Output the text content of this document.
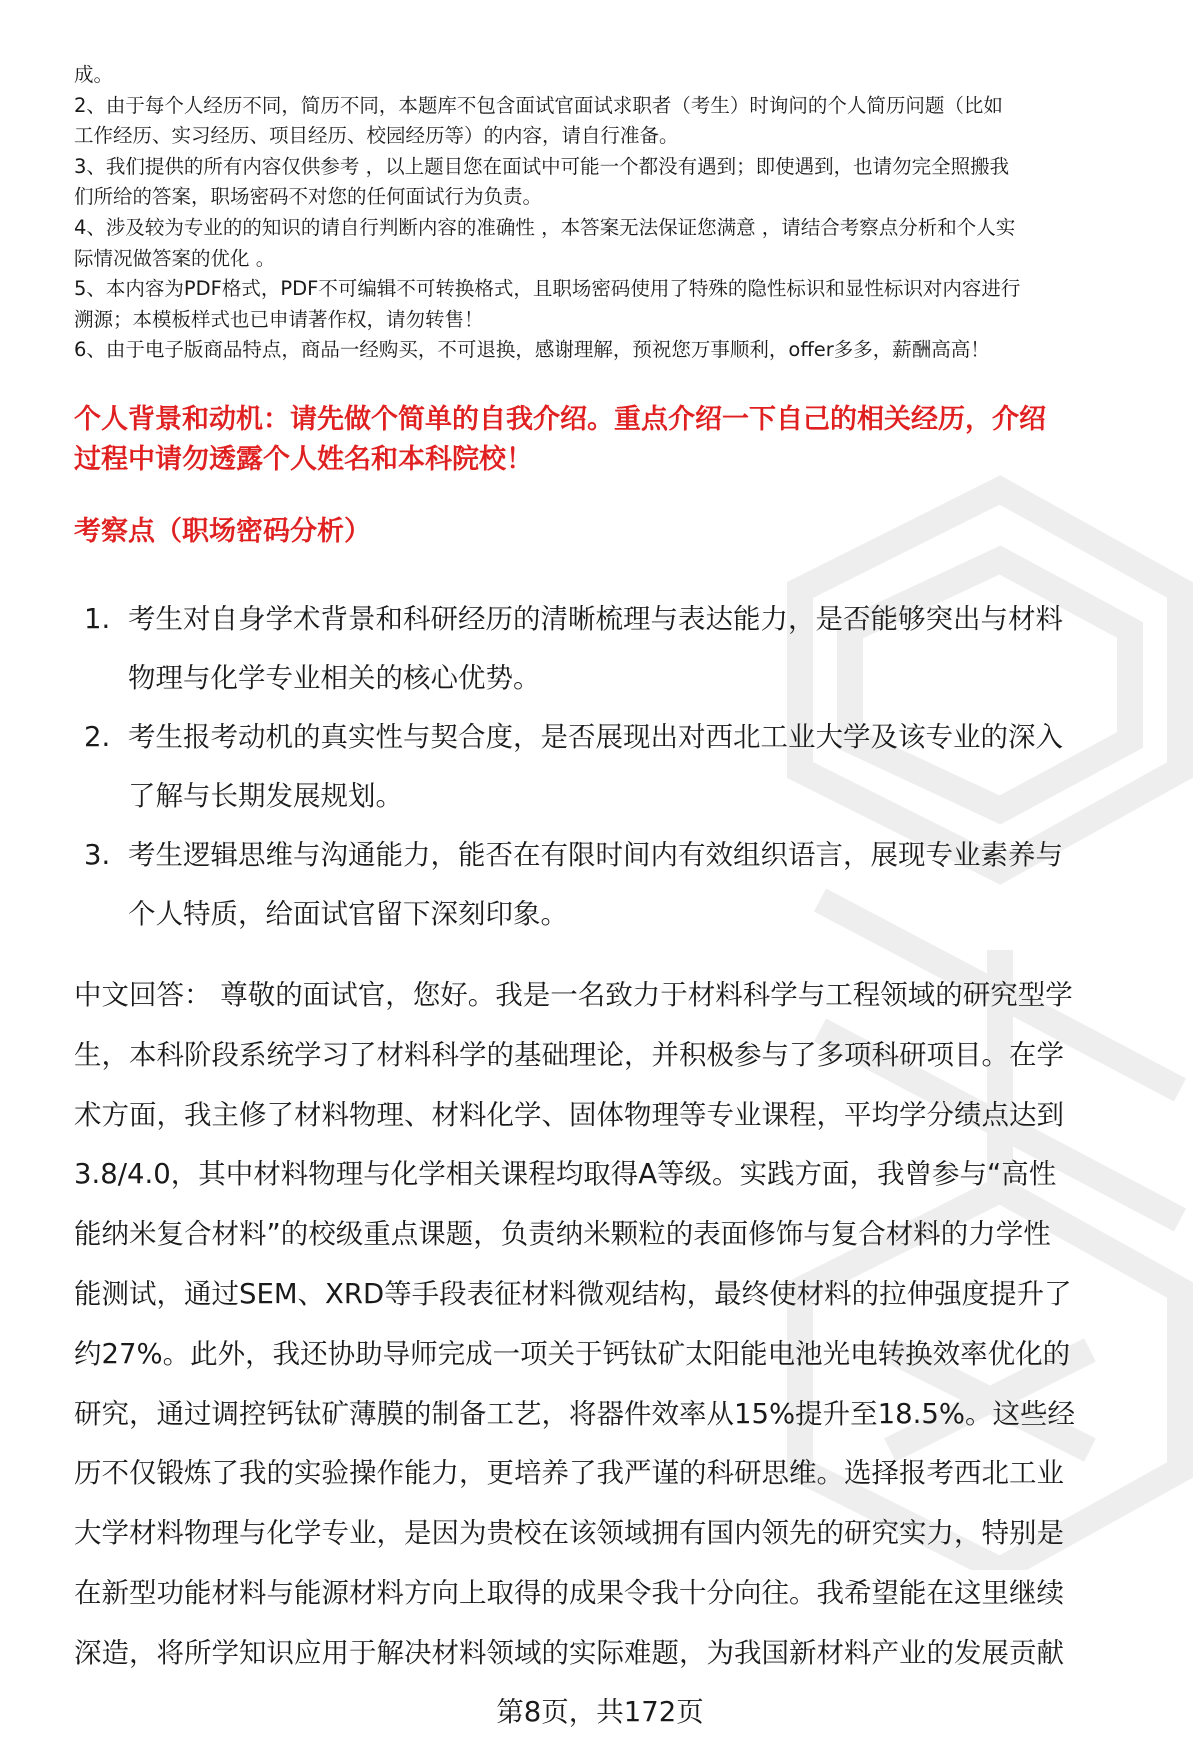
成。

2、由于每个人经历不同，简历不同，本题库不包含面试官面试求职者（考生）时询问的个人简历问题（比如
工作经历、实习经历、项目经历、校园经历等）的内容，请自行准备。

3、我们提供的所有内容仅供参考 ，以上题目您在面试中可能一个都没有遇到；即使遇到，也请勿完全照搬我
们所给的答案，职场密码不对您的任何面试行为负责。

4、涉及较为专业的的知识的请自行判断内容的准确性 ，本答案无法保证您满意 ，请结合考察点分析和个人实
际情况做答案的优化 。

5、本内容为PDF格式，PDF不可编辑不可转换格式，且职场密码使用了特殊的隐性标识和显性标识对内容进行
溯源；本模板样式也已申请著作权，请勿转售！

6、由于电子版商品特点，商品一经购买，不可退换，感谢理解，预祝您万事顺利，offer多多，薪酬高高！

个人背景和动机：请先做个简单的自我介绍。重点介绍一下自己的相关经历，介绍

过程中请勿透露个人姓名和本科院校！

考察点（职场密码分析）
1. 考生对自身学术背景和科研经历的清晰梳理与表达能力，是否能够突出与材料
物理与化学专业相关的核心优势。
2. 考生报考动机的真实性与契合度，是否展现出对西北工业大学及该专业的深入
了解与长期发展规划。
3. 考生逻辑思维与沟通能力，能否在有限时间内有效组织语言，展现专业素养与
个人特质，给面试官留下深刻印象。
中文回答： 尊敬的面试官，您好。我是一名致力于材料科学与工程领域的研究型学
生，本科阶段系统学习了材料科学的基础理论，并积极参与了多项科研项目。在学
术方面，我主修了材料物理、材料化学、固体物理等专业课程，平均学分绩点达到
3.8/4.0，其中材料物理与化学相关课程均取得A等级。实践方面，我曾参与“高性
能纳米复合材料”的校级重点课题，负责纳米颗粒的表面修饰与复合材料的力学性
能测试，通过SEM、XRD等手段表征材料微观结构，最终使材料的拉伸强度提升了
约27%。此外，我还协助导师完成一项关于钙钛矿太阳能电池光电转换效率优化的
研究，通过调控钙钛矿薄膜的制备工艺，将器件效率从15%提升至18.5%。这些经
历不仅锻炼了我的实验操作能力，更培养了我严谨的科研思维。选择报考西北工业
大学材料物理与化学专业，是因为贵校在该领域拥有国内领先的研究实力，特别是
在新型功能材料与能源材料方向上取得的成果令我十分向往。我希望能在这里继续
深造，将所学知识应用于解决材料领域的实际难题，为我国新材料产业的发展贡献
第8页，共172页
